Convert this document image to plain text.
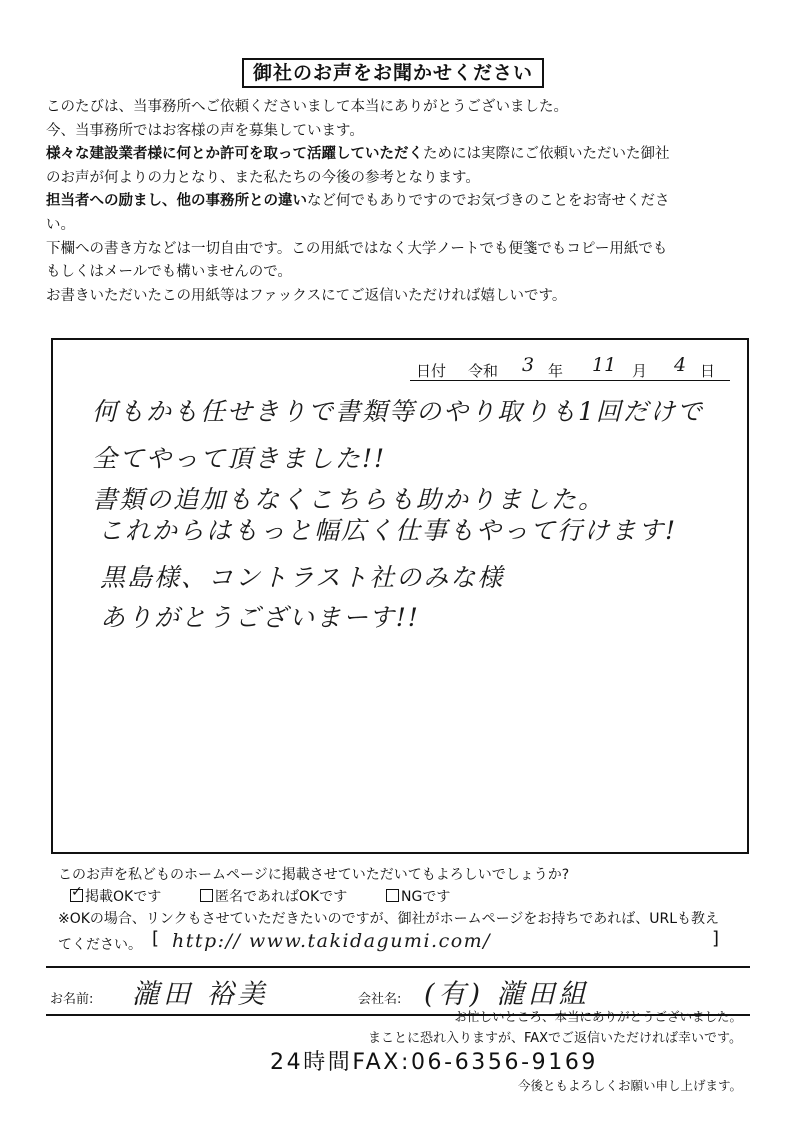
御社のお声をお聞かせください
このたびは、当事務所へご依頼くださいまして本当にありがとうございました。
今、当事務所ではお客様の声を募集しています。
様々な建設業者様に何とか許可を取って活躍していただくためには実際にご依頼いただいた御社
のお声が何よりの力となり、また私たちの今後の参考となります。
担当者への励まし、他の事務所との違いなど何でもありですのでお気づきのことをお寄せくださ
い。
下欄への書き方などは一切自由です。この用紙ではなく大学ノートでも便箋でもコピー用紙でも
もしくはメールでも構いませんので。
お書きいただいたこの用紙等はファックスにてご返信いただければ嬉しいです。
日付 令和 3 年 11 月 4 日
何もかも任せきりで書類等のやり取りも1回だけで
全てやって頂きました!!
書類の追加もなくこちらも助かりました。
これからはもっと幅広く仕事もやって行けます!
黒島様、コントラスト社のみな様
ありがとうございまーす!!
このお声を私どものホームページに掲載させていただいてもよろしいでしょうか?
✓掲載OKです	匿名であればOKです	NGです
※OKの場合、リンクもさせていただきたいのですが、御社がホームページをお持ちであれば、URLも教え
てください。 [ http:// www.takidagumi.com/	]
お名前: 瀧田 裕美	会社名: (有) 瀧田組
お忙しいところ、本当にありがとうございました。
まことに恐れ入りますが、FAXでご返信いただければ幸いです。
24時間FAX:06-6356-9169
今後ともよろしくお願い申し上げます。
